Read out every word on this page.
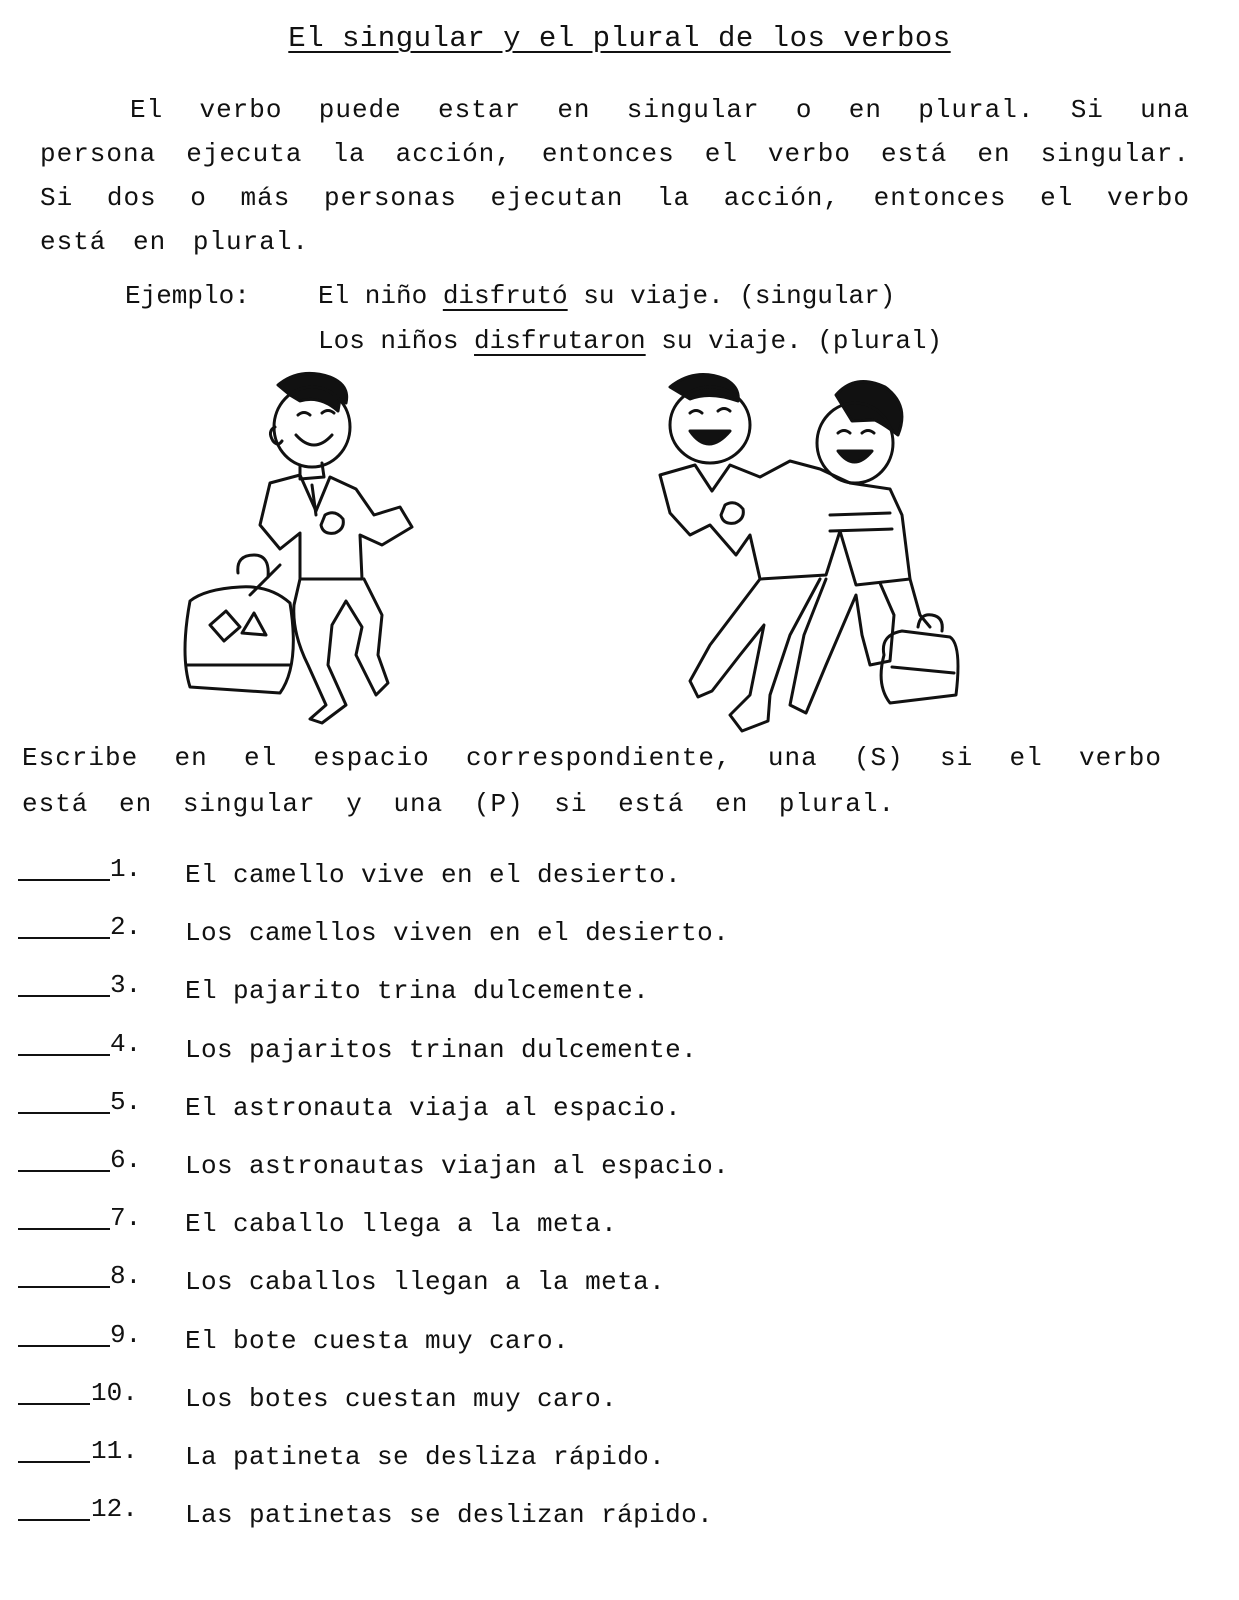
El singular y el plural de los verbos

El verbo puede estar en singular o en plural. Si una persona ejecuta la acción, entonces el verbo está en singular. Si dos o más personas ejecutan la acción, entonces el verbo está en plural.

Ejemplo:	El niño disfrutó su viaje. (singular)
Los niños disfrutaron su viaje. (plural)

Escribe en el espacio correspondiente, una (S) si el verbo está en singular y una (P) si está en plural.

1.	El camello vive en el desierto.
2.	Los camellos viven en el desierto.
3.	El pajarito trina dulcemente.
4.	Los pajaritos trinan dulcemente.
5.	El astronauta viaja al espacio.
6.	Los astronautas viajan al espacio.
7.	El caballo llega a la meta.
8.	Los caballos llegan a la meta.
9.	El bote cuesta muy caro.
10.	Los botes cuestan muy caro.
11.	La patineta se desliza rápido.
12.	Las patinetas se deslizan rápido.
